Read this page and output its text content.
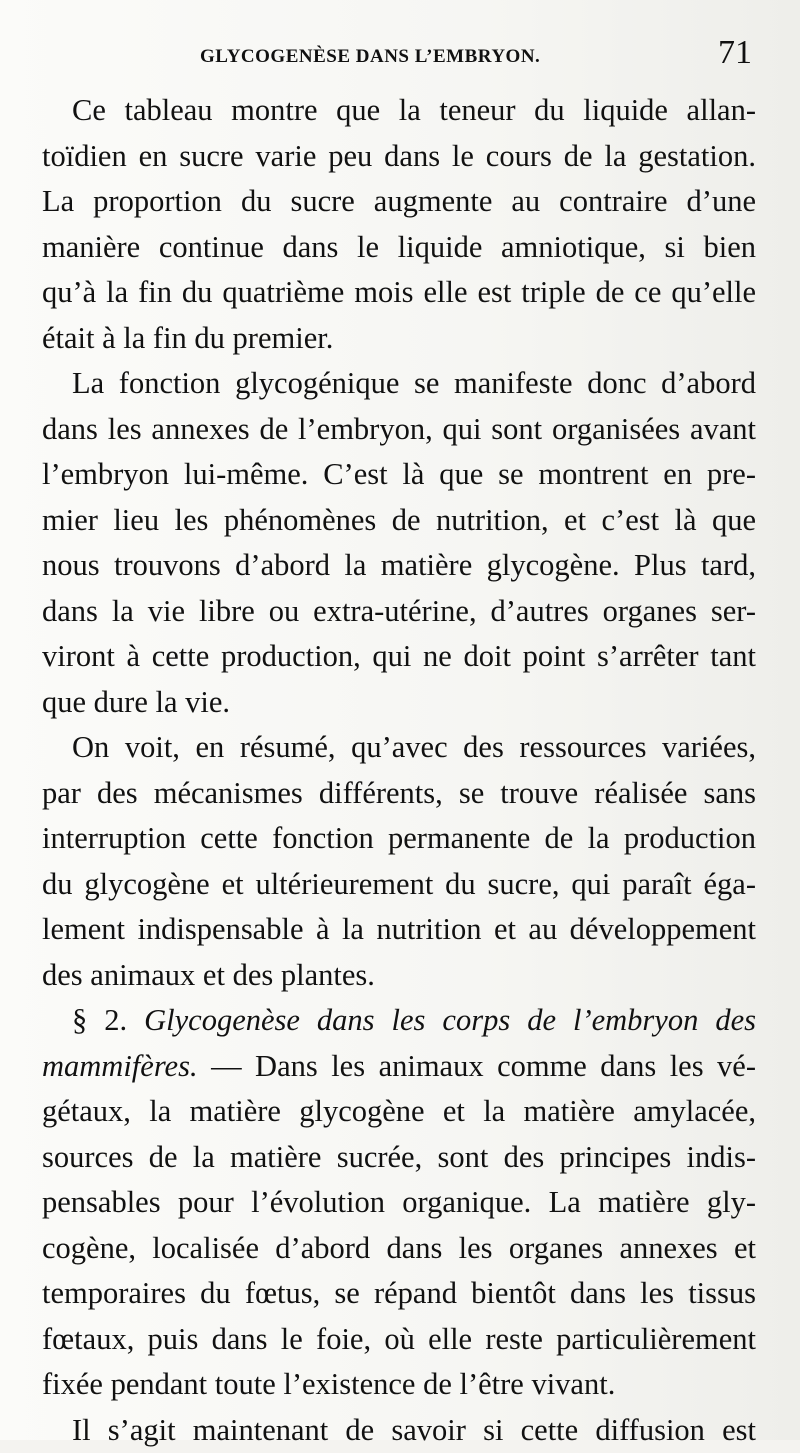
GLYCOGENÈSE DANS L’EMBRYON.	71
Ce tableau montre que la teneur du liquide allan-
toïdien en sucre varie peu dans le cours de la gestation.
La proportion du sucre augmente au contraire d’une
manière continue dans le liquide amniotique, si bien
qu’à la fin du quatrième mois elle est triple de ce qu’elle
était à la fin du premier.
La fonction glycogénique se manifeste donc d’abord
dans les annexes de l’embryon, qui sont organisées avant
l’embryon lui-même. C’est là que se montrent en pre-
mier lieu les phénomènes de nutrition, et c’est là que
nous trouvons d’abord la matière glycogène. Plus tard,
dans la vie libre ou extra-utérine, d’autres organes ser-
viront à cette production, qui ne doit point s’arrêter tant
que dure la vie.
On voit, en résumé, qu’avec des ressources variées,
par des mécanismes différents, se trouve réalisée sans
interruption cette fonction permanente de la production
du glycogène et ultérieurement du sucre, qui paraît éga-
lement indispensable à la nutrition et au développement
des animaux et des plantes.
§ 2. Glycogenèse dans les corps de l’embryon des
mammifères. — Dans les animaux comme dans les vé-
gétaux, la matière glycogène et la matière amylacée,
sources de la matière sucrée, sont des principes indis-
pensables pour l’évolution organique. La matière gly-
cogène, localisée d’abord dans les organes annexes et
temporaires du fœtus, se répand bientôt dans les tissus
fœtaux, puis dans le foie, où elle reste particulièrement
fixée pendant toute l’existence de l’être vivant.
Il s’agit maintenant de savoir si cette diffusion est
